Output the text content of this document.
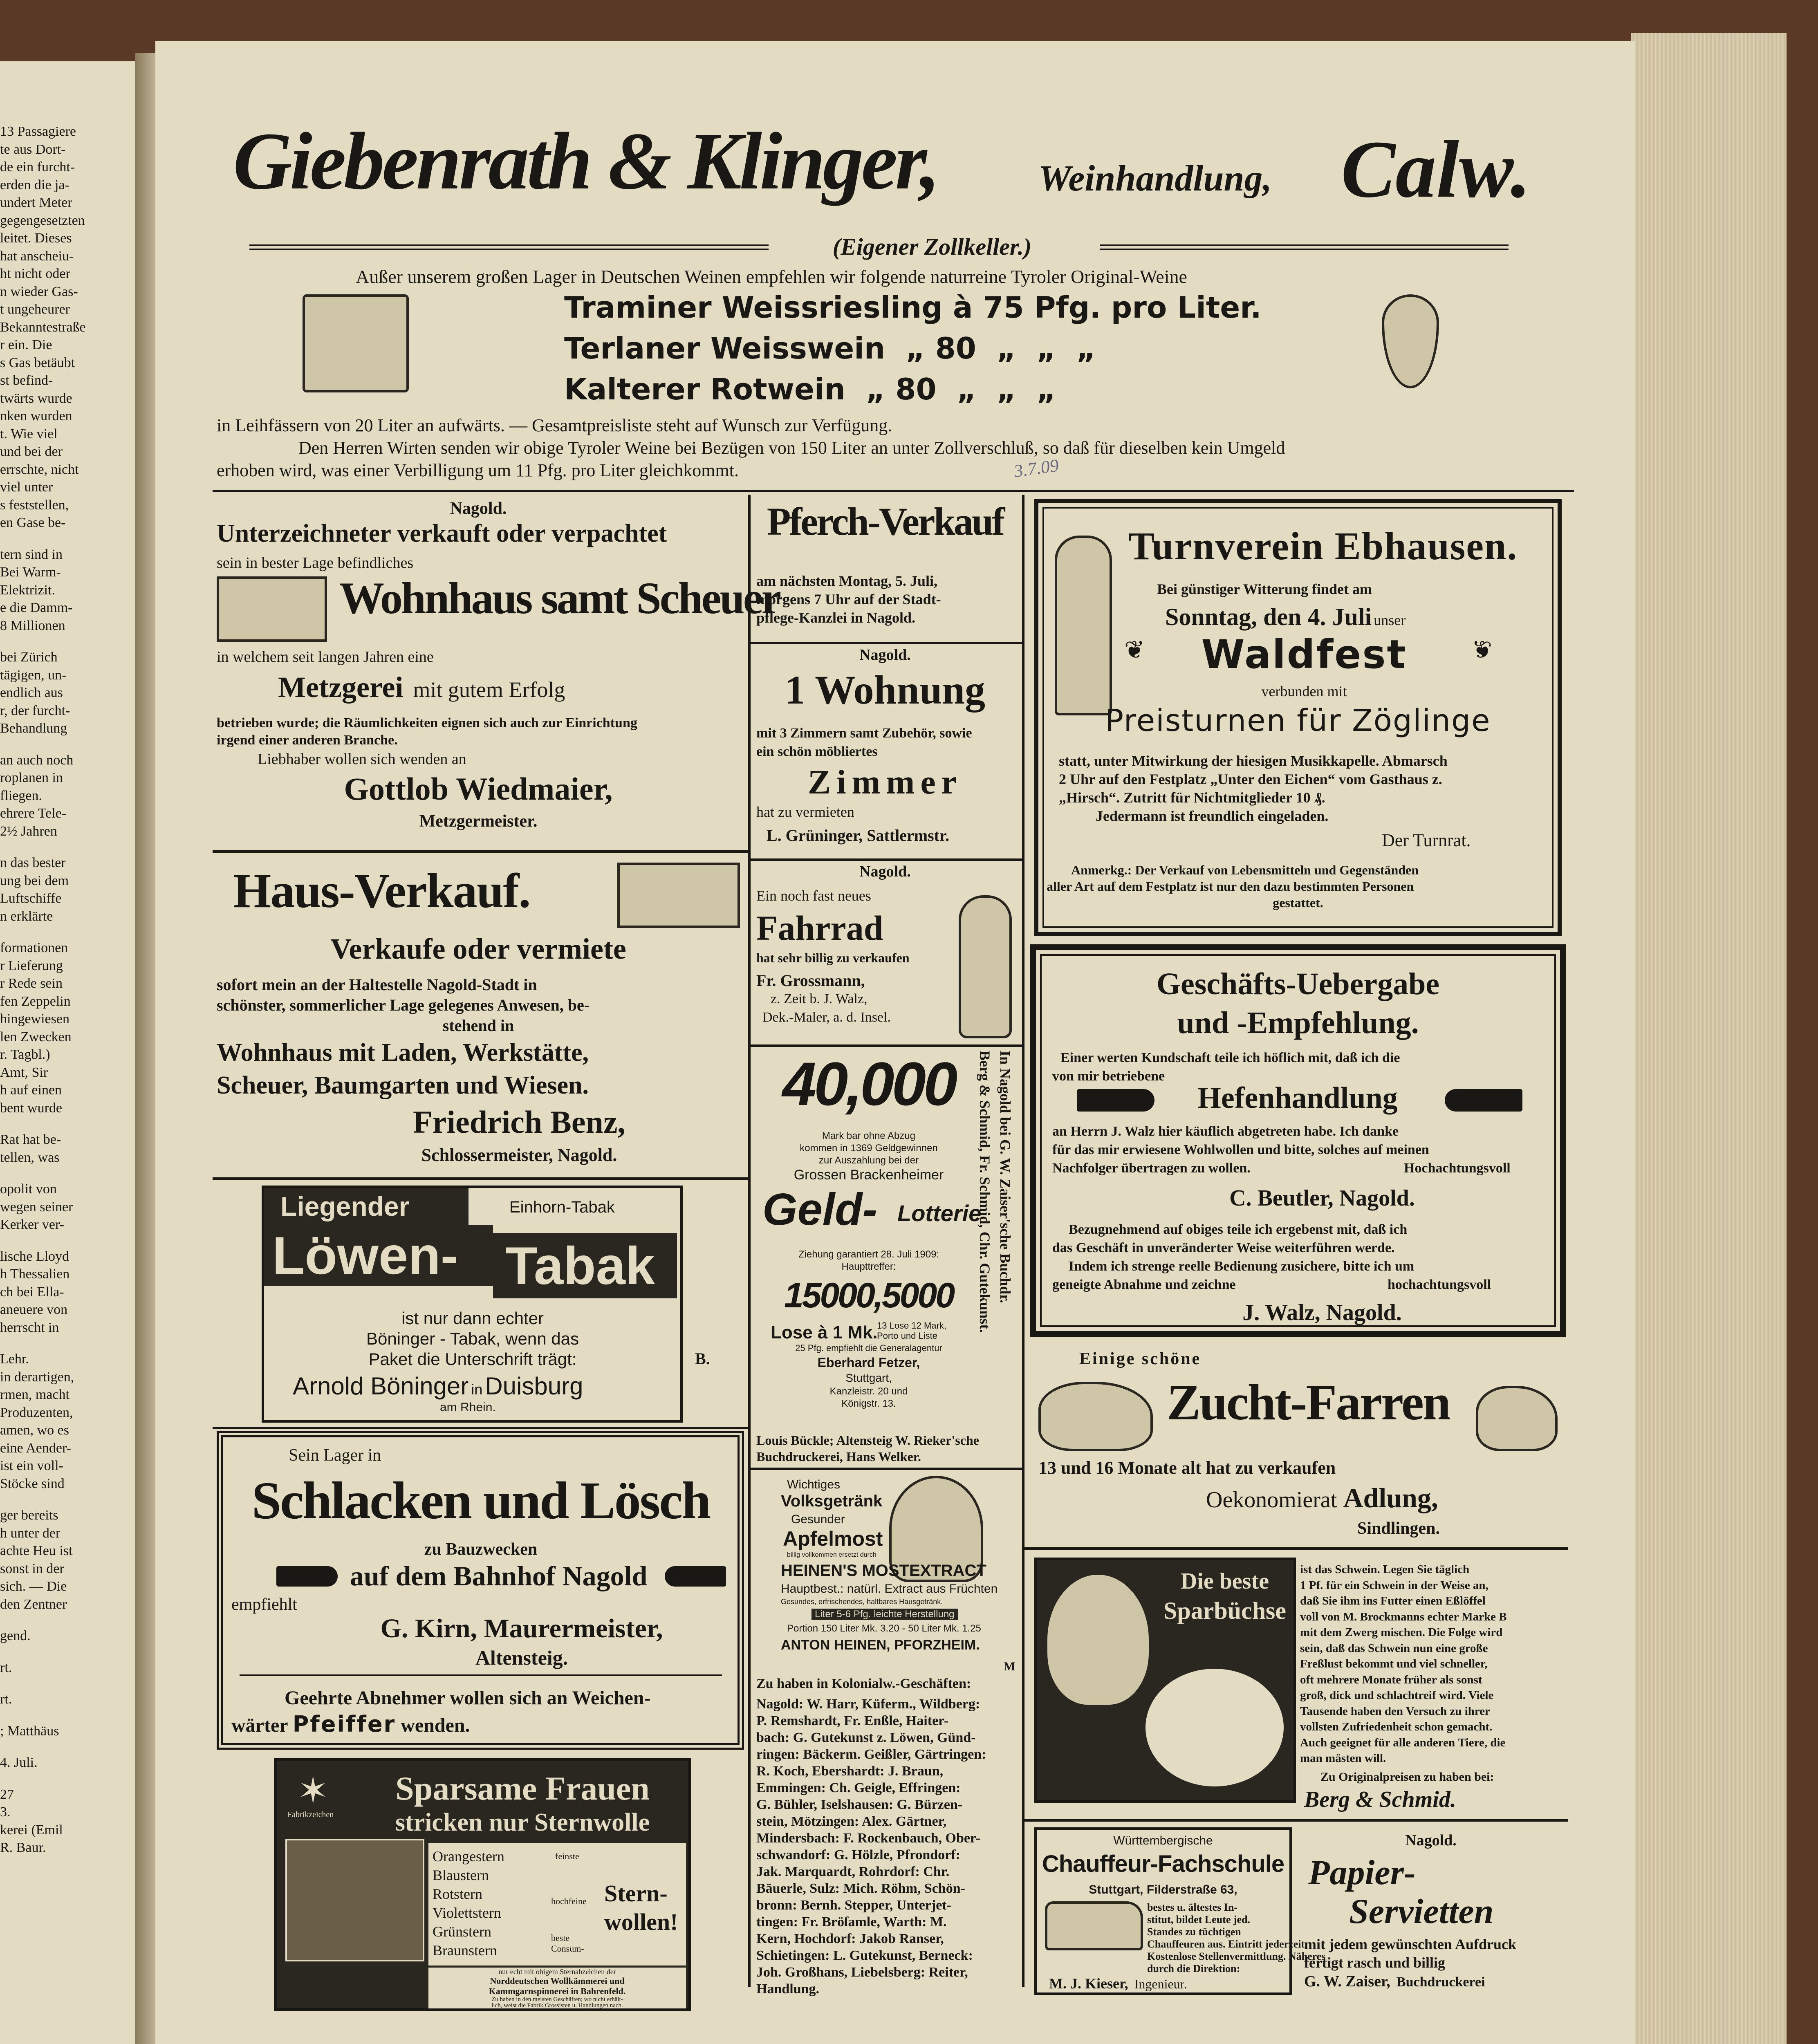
13 Passagiere
te aus Dort-
de ein furcht-
erden die ja-
undert Meter
gegengesetzten
leitet. Dieses
hat anscheiu-
ht nicht oder
n wieder Gas-
t ungeheurer
Bekanntestraße
r ein. Die
s Gas betäubt
st befind-
twärts wurde
nken wurden
t. Wie viel
und bei der
errschte, nicht
viel unter
s feststellen,
en Gase be-
tern sind in
Bei Warm-
Elektrizit.
e die Damm-
8 Millionen
bei Zürich
tägigen, un-
endlich aus
r, der furcht-
Behandlung
an auch noch
roplanen in
fliegen.
ehrere Tele-
2½ Jahren
n das bester
ung bei dem
Luftschiffe
n erklärte
formationen
r Lieferung
r Rede sein
fen Zeppelin
hingewiesen
len Zwecken
r. Tagbl.)
Amt, Sir
h auf einen
bent wurde
Rat hat be-
tellen, was
opolit von
wegen seiner
Kerker ver-
lische Lloyd
h Thessalien
ch bei Ella-
aneuere von
herrscht in
Lehr.
in derartigen,
rmen, macht
Produzenten,
amen, wo es
eine Aender-
ist ein voll-
Stöcke sind
ger bereits
h unter der
achte Heu ist
sonst in der
sich. — Die
den Zentner
gend.
rt.
rt.
; Matthäus
4. Juli.
27
3.
kerei (Emil
R. Baur.
Giebenrath & Klinger,	Weinhandlung, Calw.
(Eigener Zollkeller.)
Außer unserem großen Lager in Deutschen Weinen empfehlen wir folgende naturreine Tyroler Original-Weine
Traminer Weissriesling à 75 Pfg. pro Liter.
Terlaner Weisswein  „ 80  „  „  „
Kalterer Rotwein  „ 80  „  „  „
in Leihfässern von 20 Liter an aufwärts. — Gesamtpreisliste steht auf Wunsch zur Verfügung.
Den Herren Wirten senden wir obige Tyroler Weine bei Bezügen von 150 Liter an unter Zollverschluß, so daß für dieselben kein Umgeld
erhoben wird, was einer Verbilligung um 11 Pfg. pro Liter gleichkommt.	3.7.09
Nagold.
Unterzeichneter verkauft oder verpachtet
sein in bester Lage befindliches
Wohnhaus samt Scheuer
in welchem seit langen Jahren eine
Metzgerei mit gutem Erfolg
betrieben wurde; die Räumlichkeiten eignen sich auch zur Einrichtung
irgend einer anderen Branche.
Liebhaber wollen sich wenden an
Gottlob Wiedmaier,
Metzgermeister.
Haus-Verkauf.
Verkaufe oder vermiete
sofort mein an der Haltestelle Nagold-Stadt in
schönster, sommerlicher Lage gelegenes Anwesen, be-
stehend in
Wohnhaus mit Laden, Werkstätte,
Scheuer, Baumgarten und Wiesen.
Friedrich Benz,
Schlossermeister, Nagold.
Liegender	Einhorn-Tabak
Löwen- Tabak
ist nur dann echter
Böninger - Tabak, wenn das
Paket die Unterschrift trägt:
Arnold Böninger in Duisburg
am Rhein.
B.
Sein Lager in
Schlacken und Lösch
zu Bauzwecken
auf dem Bahnhof Nagold
empfiehlt
G. Kirn, Maurermeister,
Altensteig.
Geehrte Abnehmer wollen sich an Weichen-
wärter Pfeiffer wenden.
Sparsame Frauen
stricken nur Sternwolle
Fabrikzeichen
✶
Orangestern
Blaustern
Rotstern
Violettstern
Grünstern
Braunstern
feinste
hochfeine
beste Consum-
Stern-
wollen!
nur echt mit obigem Sternabzeichen der
Norddeutschen Wollkämmerei und
Kammgarnspinnerei in Bahrenfeld.
Zu haben in den meisten Geschäften; wo nicht erhält-
lich, weist die Fabrik Grossisten u. Handlungen nach.
Pferch-Verkauf
am nächsten Montag, 5. Juli,
morgens 7 Uhr auf der Stadt-
pflege-Kanzlei in Nagold.
Nagold.
1 Wohnung
mit 3 Zimmern samt Zubehör, sowie
ein schön möbliertes
Zimmer
hat zu vermieten
L. Grüninger, Sattlermstr.
Nagold.
Ein noch fast neues
Fahrrad
hat sehr billig zu verkaufen
Fr. Grossmann,
z. Zeit b. J. Walz,
Dek.-Maler, a. d. Insel.
40,000
Mark bar ohne Abzug
kommen in 1369 Geldgewinnen
zur Auszahlung bei der
Grossen Brackenheimer
Geld- Lotterie
Ziehung garantiert 28. Juli 1909:
Haupttreffer:
15000,5000
Lose à 1 Mk.
13 Lose 12 Mark,
Porto und Liste
25 Pfg. empfiehlt die Generalagentur
Eberhard Fetzer,
Stuttgart,
Kanzleistr. 20 und
Königstr. 13.
In Nagold bei G. W. Zaiser'sche Buchdr.
Berg & Schmid, Fr. Schmid, Chr. Gutekunst.
Louis Bückle; Altensteig W. Rieker'sche
Buchdruckerei, Hans Welker.
Wichtiges
Volksgetränk
Gesunder
Apfelmost
billig vollkommen ersetzt durch
HEINEN'S MOSTEXTRACT
Hauptbest.: natürl. Extract aus Früchten
Gesundes, erfrischendes, haltbares Hausgetränk.
Liter 5-6 Pfg. leichte Herstellung
Portion 150 Liter Mk. 3.20 - 50 Liter Mk. 1.25
ANTON HEINEN, PFORZHEIM.
M
Zu haben in Kolonialw.-Geschäften:
Nagold: W. Harr, Küferm., Wildberg:
P. Remshardt, Fr. Enßle, Haiter-
bach: G. Gutekunst z. Löwen, Günd-
ringen: Bäckerm. Geißler, Gärtringen:
R. Koch, Ebershardt: J. Braun,
Emmingen: Ch. Geigle, Effringen:
G. Bühler, Iselshausen: G. Bürzen-
stein, Mötzingen: Alex. Gärtner,
Mindersbach: F. Rockenbauch, Ober-
schwandorf: G. Hölzle, Pfrondorf:
Jak. Marquardt, Rohrdorf: Chr.
Bäuerle, Sulz: Mich. Röhm, Schön-
bronn: Bernh. Stepper, Unterjet-
tingen: Fr. Bröſamle, Warth: M.
Kern, Hochdorf: Jakob Ranser,
Schietingen: L. Gutekunst, Berneck:
Joh. Großhans, Liebelsberg: Reiter,
Handlung.
Turnverein Ebhausen.
Bei günstiger Witterung findet am
Sonntag, den 4. Juli unser
❦	Waldfest	❦
verbunden mit
Preisturnen für Zöglinge
statt, unter Mitwirkung der hiesigen Musikkapelle. Abmarsch
2 Uhr auf den Festplatz „Unter den Eichen“ vom Gasthaus z.
„Hirsch“. Zutritt für Nichtmitglieder 10 ₰.
Jedermann ist freundlich eingeladen.
Der Turnrat.
Anmerkg.: Der Verkauf von Lebensmitteln und Gegenständen
aller Art auf dem Festplatz ist nur den dazu bestimmten Personen
gestattet.
Geschäfts-Uebergabe
und -Empfehlung.
Einer werten Kundschaft teile ich höflich mit, daß ich die
von mir betriebene
Hefenhandlung
an Herrn J. Walz hier käuflich abgetreten habe. Ich danke
für das mir erwiesene Wohlwollen und bitte, solches auf meinen
Nachfolger übertragen zu wollen.	Hochachtungsvoll
C. Beutler, Nagold.
Bezugnehmend auf obiges teile ich ergebenst mit, daß ich
das Geschäft in unveränderter Weise weiterführen werde.
Indem ich strenge reelle Bedienung zusichere, bitte ich um
geneigte Abnahme und zeichne	hochachtungsvoll
J. Walz, Nagold.
Einige schöne
Zucht-Farren
13 und 16 Monate alt hat zu verkaufen
Oekonomierat Adlung,
Sindlingen.
Die beste
Sparbüchse
ist das Schwein. Legen Sie täglich
1 Pf. für ein Schwein in der Weise an,
daß Sie ihm ins Futter einen Eßlöffel
voll von M. Brockmanns echter Marke B
mit dem Zwerg mischen. Die Folge wird
sein, daß das Schwein nun eine große
Freßlust bekommt und viel schneller,
oft mehrere Monate früher als sonst
groß, dick und schlachtreif wird. Viele
Tausende haben den Versuch zu ihrer
vollsten Zufriedenheit schon gemacht.
Auch geeignet für alle anderen Tiere, die
man mästen will.
Zu Originalpreisen zu haben bei:
Berg & Schmid.
Württembergische
Chauffeur-Fachschule
Stuttgart, Filderstraße 63,
bestes u. ältestes In-
stitut, bildet Leute jed.
Standes zu tüchtigen
Chauffeuren aus. Eintritt jederzeit.
Kostenlose Stellenvermittlung. Näheres
durch die Direktion:
M. J. Kieser, Ingenieur.
Nagold.
Papier-
Servietten
mit jedem gewünschten Aufdruck
fertigt rasch und billig
G. W. Zaiser, Buchdruckerei
